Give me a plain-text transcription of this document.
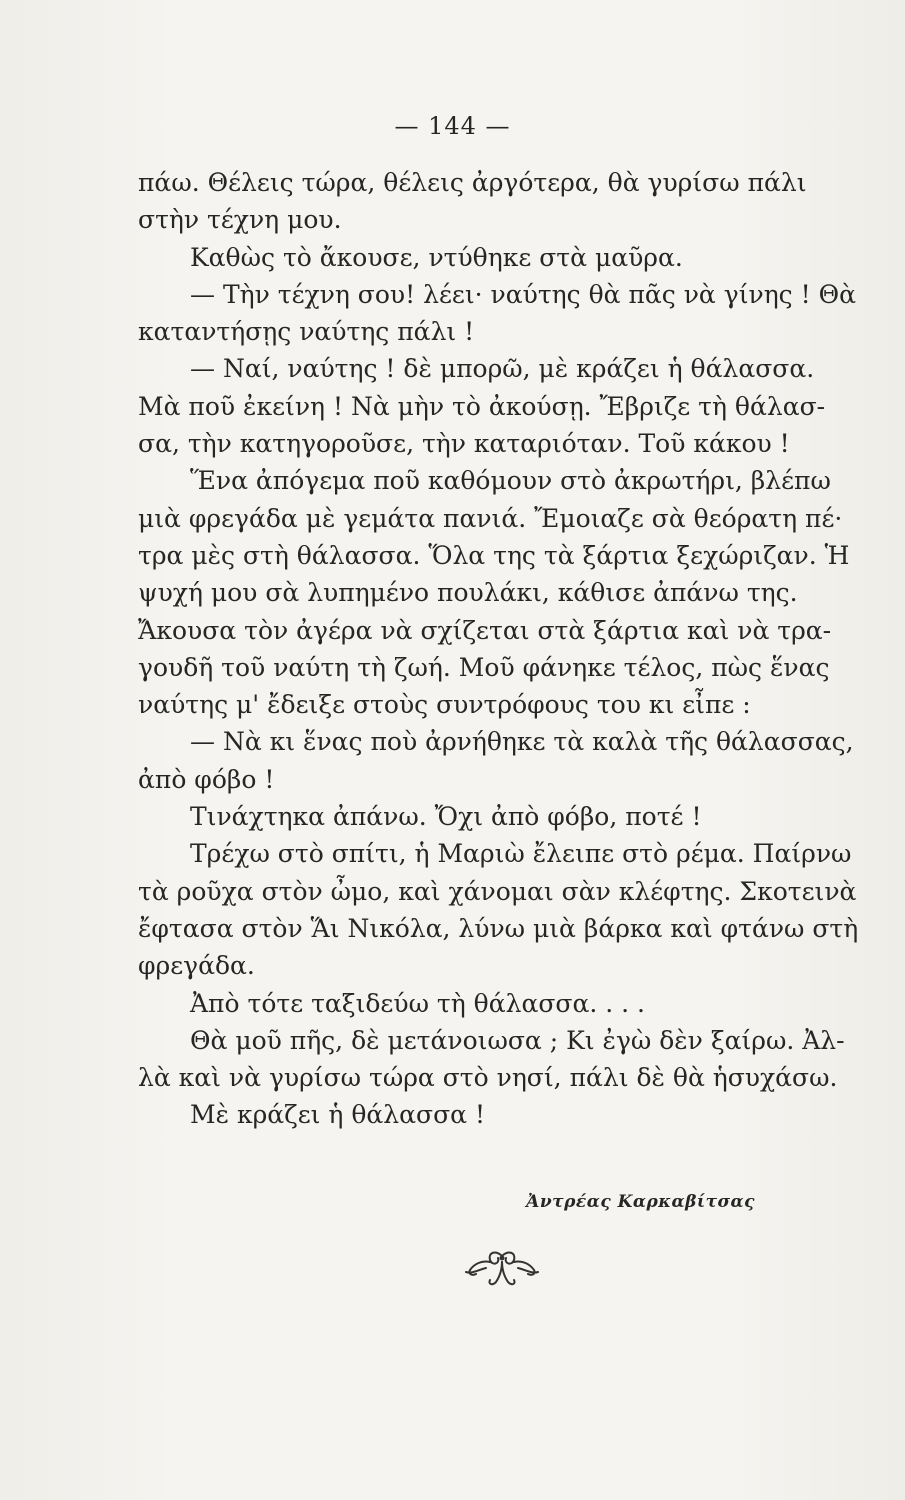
— 144 —
πάω. Θέλεις τώρα, θέλεις ἀργότερα, θὰ γυρίσω πάλι
στὴν τέχνη μου.
Καθὼς τὸ ἄκουσε, ντύθηκε στὰ μαῦρα.
— Τὴν τέχνη σου! λέει· ναύτης θὰ πᾶς νὰ γίνης ! Θὰ
καταντήσῃς ναύτης πάλι !
— Ναί, ναύτης ! δὲ μπορῶ, μὲ κράζει ἡ θάλασσα.
Μὰ ποῦ ἐκείνη ! Νὰ μὴν τὸ ἀκούσῃ. Ἔβριζε τὴ θάλασ-
σα, τὴν κατηγοροῦσε, τὴν καταριόταν. Τοῦ κάκου !
Ἕνα ἀπόγεμα ποῦ καθόμουν στὸ ἀκρωτήρι, βλέπω
μιὰ φρεγάδα μὲ γεμάτα πανιά. Ἔμοιαζε σὰ θεόρατη πέ·
τρα μὲς στὴ θάλασσα. Ὅλα της τὰ ξάρτια ξεχώριζαν. Ἡ
ψυχή μου σὰ λυπημένο πουλάκι, κάθισε ἀπάνω της.
Ἄκουσα τὸν ἀγέρα νὰ σχίζεται στὰ ξάρτια καὶ νὰ τρα-
γουδῆ τοῦ ναύτη τὴ ζωή. Μοῦ φάνηκε τέλος, πὼς ἕνας
ναύτης μ' ἔδειξε στοὺς συντρόφους του κι εἶπε :
— Νὰ κι ἕνας ποὺ ἀρνήθηκε τὰ καλὰ τῆς θάλασσας,
ἀπὸ φόβο !
Τινάχτηκα ἀπάνω. Ὄχι ἀπὸ φόβο, ποτέ !
Τρέχω στὸ σπίτι, ἡ Μαριὼ ἔλειπε στὸ ρέμα. Παίρνω
τὰ ροῦχα στὸν ὦμο, καὶ χάνομαι σὰν κλέφτης. Σκοτεινὰ
ἔφτασα στὸν Ἅι Νικόλα, λύνω μιὰ βάρκα καὶ φτάνω στὴ
φρεγάδα.
Ἀπὸ τότε ταξιδεύω τὴ θάλασσα. . . .
Θὰ μοῦ πῆς, δὲ μετάνοιωσα ; Κι ἐγὼ δὲν ξαίρω. Ἀλ-
λὰ καὶ νὰ γυρίσω τώρα στὸ νησί, πάλι δὲ θὰ ἡσυχάσω.
Μὲ κράζει ἡ θάλασσα !
Ἀντρέας Καρκαβίτσας
